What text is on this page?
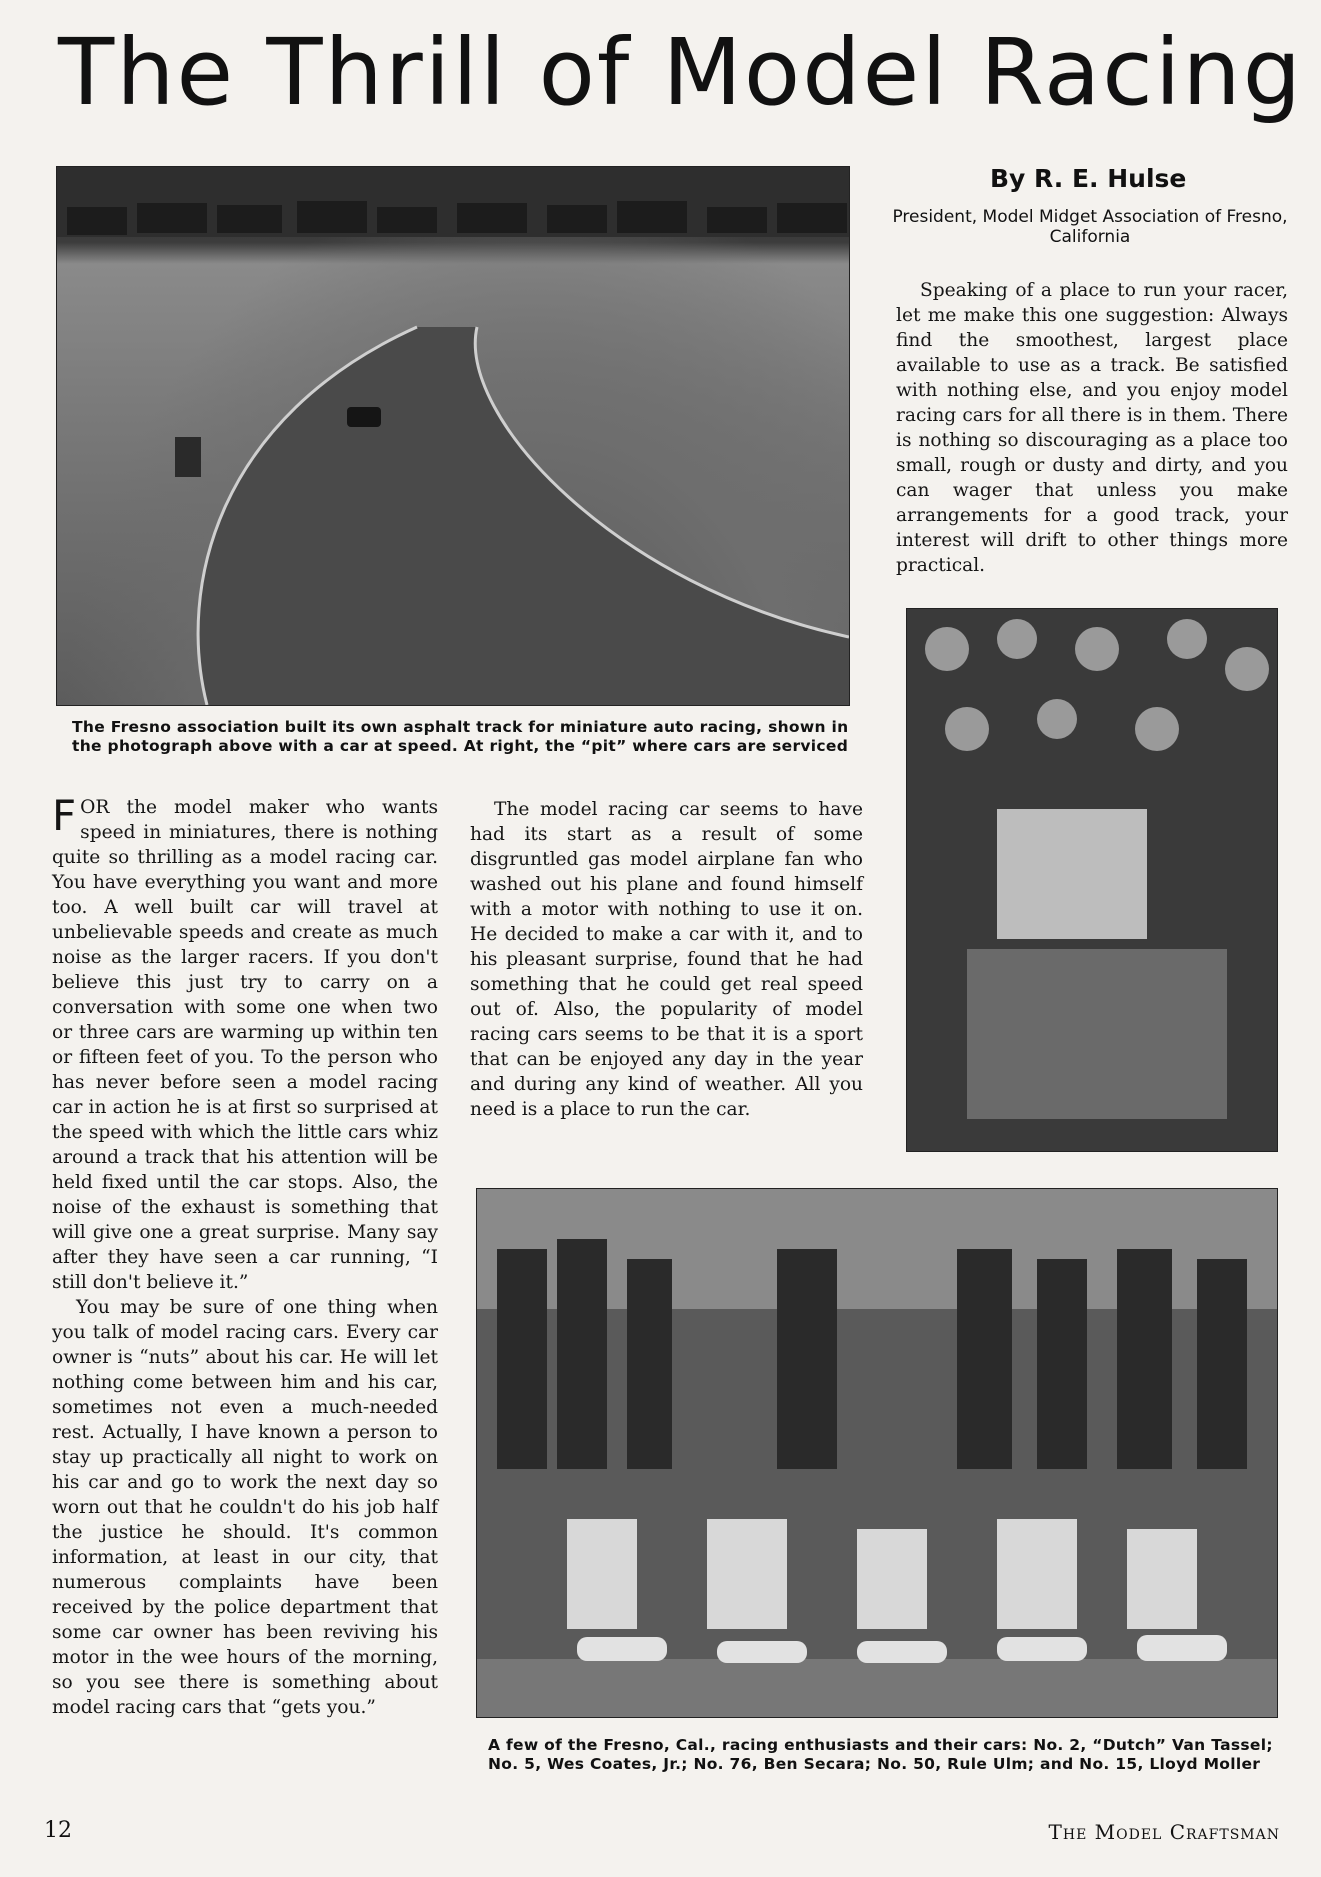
The Thrill of Model Racing
The Fresno association built its own asphalt track for miniature auto racing, shown in the photograph above with a car at speed. At right, the “pit” where cars are serviced
By R. E. Hulse
President, Model Midget Association of Fresno, California
Speaking of a place to run your racer, let me make this one suggestion: Always find the smoothest, largest place available to use as a track. Be satisfied with nothing else, and you enjoy model racing cars for all there is in them. There is nothing so discouraging as a place too small, rough or dusty and dirty, and you can wager that unless you make arrangements for a good track, your interest will drift to other things more practical.

FOR the model maker who wants speed in miniatures, there is nothing quite so thrilling as a model racing car. You have everything you want and more too. A well built car will travel at unbelievable speeds and create as much noise as the larger racers. If you don't believe this just try to carry on a conversation with some one when two or three cars are warming up within ten or fifteen feet of you. To the person who has never before seen a model racing car in action he is at first so surprised at the speed with which the little cars whiz around a track that his attention will be held fixed until the car stops. Also, the noise of the exhaust is something that will give one a great surprise. Many say after they have seen a car running, “I still don't believe it.”

You may be sure of one thing when you talk of model racing cars. Every car owner is “nuts” about his car. He will let nothing come between him and his car, sometimes not even a much-needed rest. Actually, I have known a person to stay up practically all night to work on his car and go to work the next day so worn out that he couldn't do his job half the justice he should. It's common information, at least in our city, that numerous complaints have been received by the police department that some car owner has been reviving his motor in the wee hours of the morning, so you see there is something about model racing cars that “gets you.”

The model racing car seems to have had its start as a result of some disgruntled gas model airplane fan who washed out his plane and found himself with a motor with nothing to use it on. He decided to make a car with it, and to his pleasant surprise, found that he had something that he could get real speed out of. Also, the popularity of model racing cars seems to be that it is a sport that can be enjoyed any day in the year and during any kind of weather. All you need is a place to run the car.

A few of the Fresno, Cal., racing enthusiasts and their cars: No. 2, “Dutch” Van Tassel; No. 5, Wes Coates, Jr.; No. 76, Ben Secara; No. 50, Rule Ulm; and No. 15, Lloyd Moller
12	The Model Craftsman
